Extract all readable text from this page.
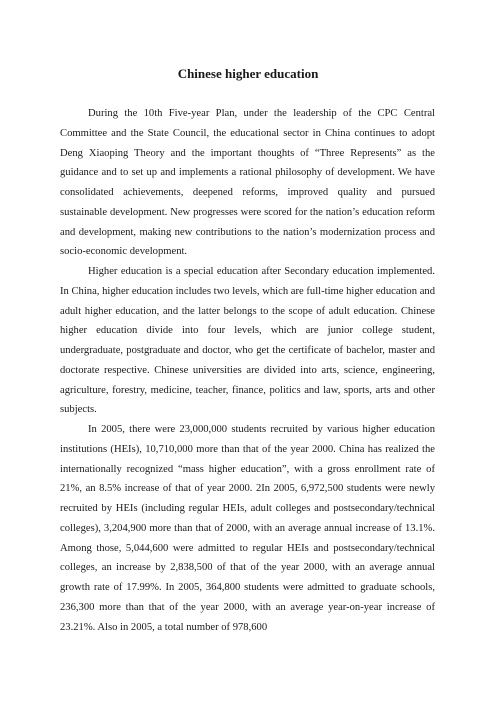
Chinese higher education

During the 10th Five-year Plan, under the leadership of the CPC Central Committee and the State Council, the educational sector in China continues to adopt Deng Xiaoping Theory and the important thoughts of “Three Represents” as the guidance and to set up and implements a rational philosophy of development. We have consolidated achievements, deepened reforms, improved quality and pursued sustainable development. New progresses were scored for the nation’s education reform and development, making new contributions to the nation’s modernization process and socio-economic development.

Higher education is a special education after Secondary education implemented. In China, higher education includes two levels, which are full-time higher education and adult higher education, and the latter belongs to the scope of adult education. Chinese higher education divide into four levels, which are junior college student, undergraduate, postgraduate and doctor, who get the certificate of bachelor, master and doctorate respective. Chinese universities are divided into arts, science, engineering, agriculture, forestry, medicine, teacher, finance, politics and law, sports, arts and other subjects.

In 2005, there were 23,000,000 students recruited by various higher education institutions (HEIs), 10,710,000 more than that of the year 2000. China has realized the internationally recognized “mass higher education”, with a gross enrollment rate of 21%, an 8.5% increase of that of year 2000. 2In 2005, 6,972,500 students were newly recruited by HEIs (including regular HEIs, adult colleges and postsecondary/technical colleges), 3,204,900 more than that of 2000, with an average annual increase of 13.1%. Among those, 5,044,600 were admitted to regular HEIs and postsecondary/technical colleges, an increase by 2,838,500 of that of the year 2000, with an average annual growth rate of 17.99%. In 2005, 364,800 students were admitted to graduate schools, 236,300 more than that of the year 2000, with an average year-on-year increase of 23.21%. Also in 2005, a total number of 978,600
